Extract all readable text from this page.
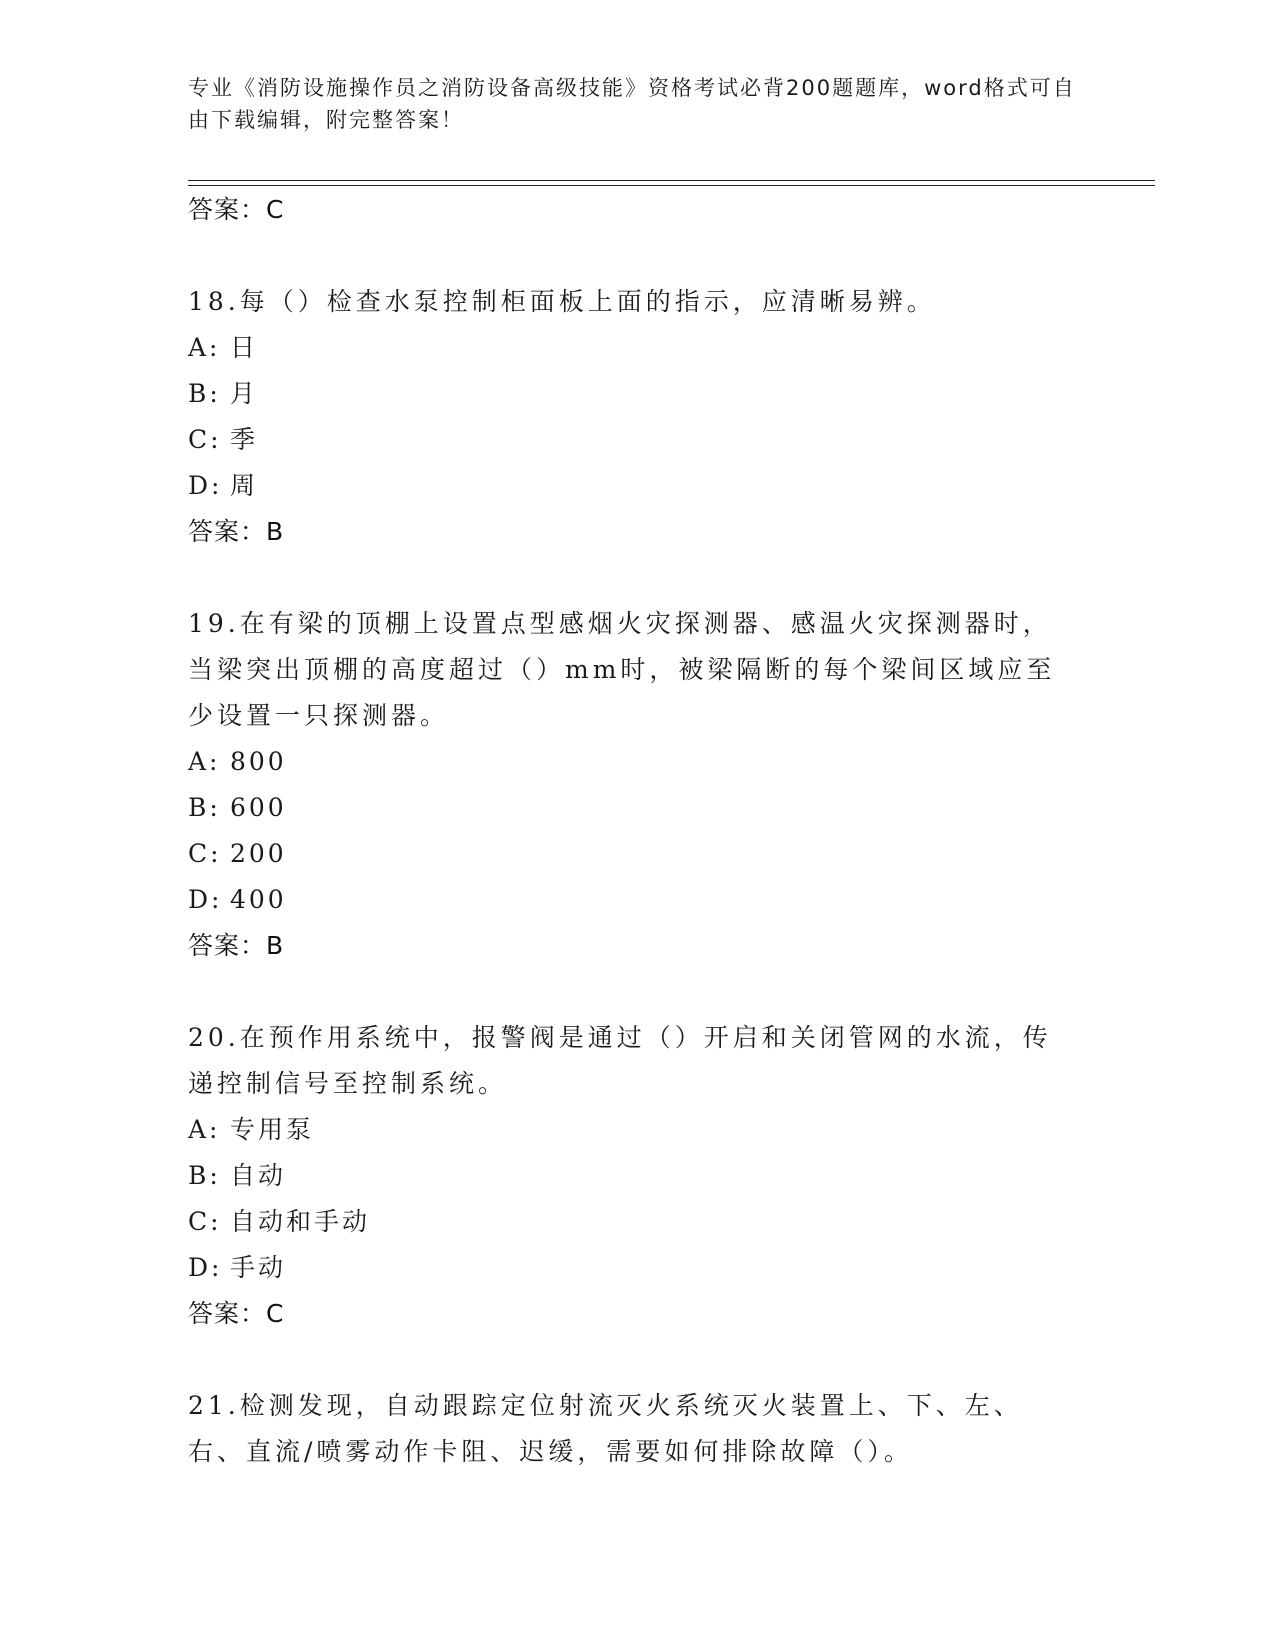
专业《消防设施操作员之消防设备高级技能》资格考试必背200题题库，word格式可自由下载编辑，附完整答案！
答案：C
18.每（）检查水泵控制柜面板上面的指示，应清晰易辨。
A: 日
B: 月
C: 季
D: 周
答案：B
19.在有梁的顶棚上设置点型感烟火灾探测器、感温火灾探测器时，当梁突出顶棚的高度超过（）mm时，被梁隔断的每个梁间区域应至少设置一只探测器。
A: 800
B: 600
C: 200
D: 400
答案：B
20.在预作用系统中，报警阀是通过（）开启和关闭管网的水流，传递控制信号至控制系统。
A: 专用泵
B: 自动
C: 自动和手动
D: 手动
答案：C
21.检测发现，自动跟踪定位射流灭火系统灭火装置上、下、左、右、直流/喷雾动作卡阻、迟缓，需要如何排除故障（）。
